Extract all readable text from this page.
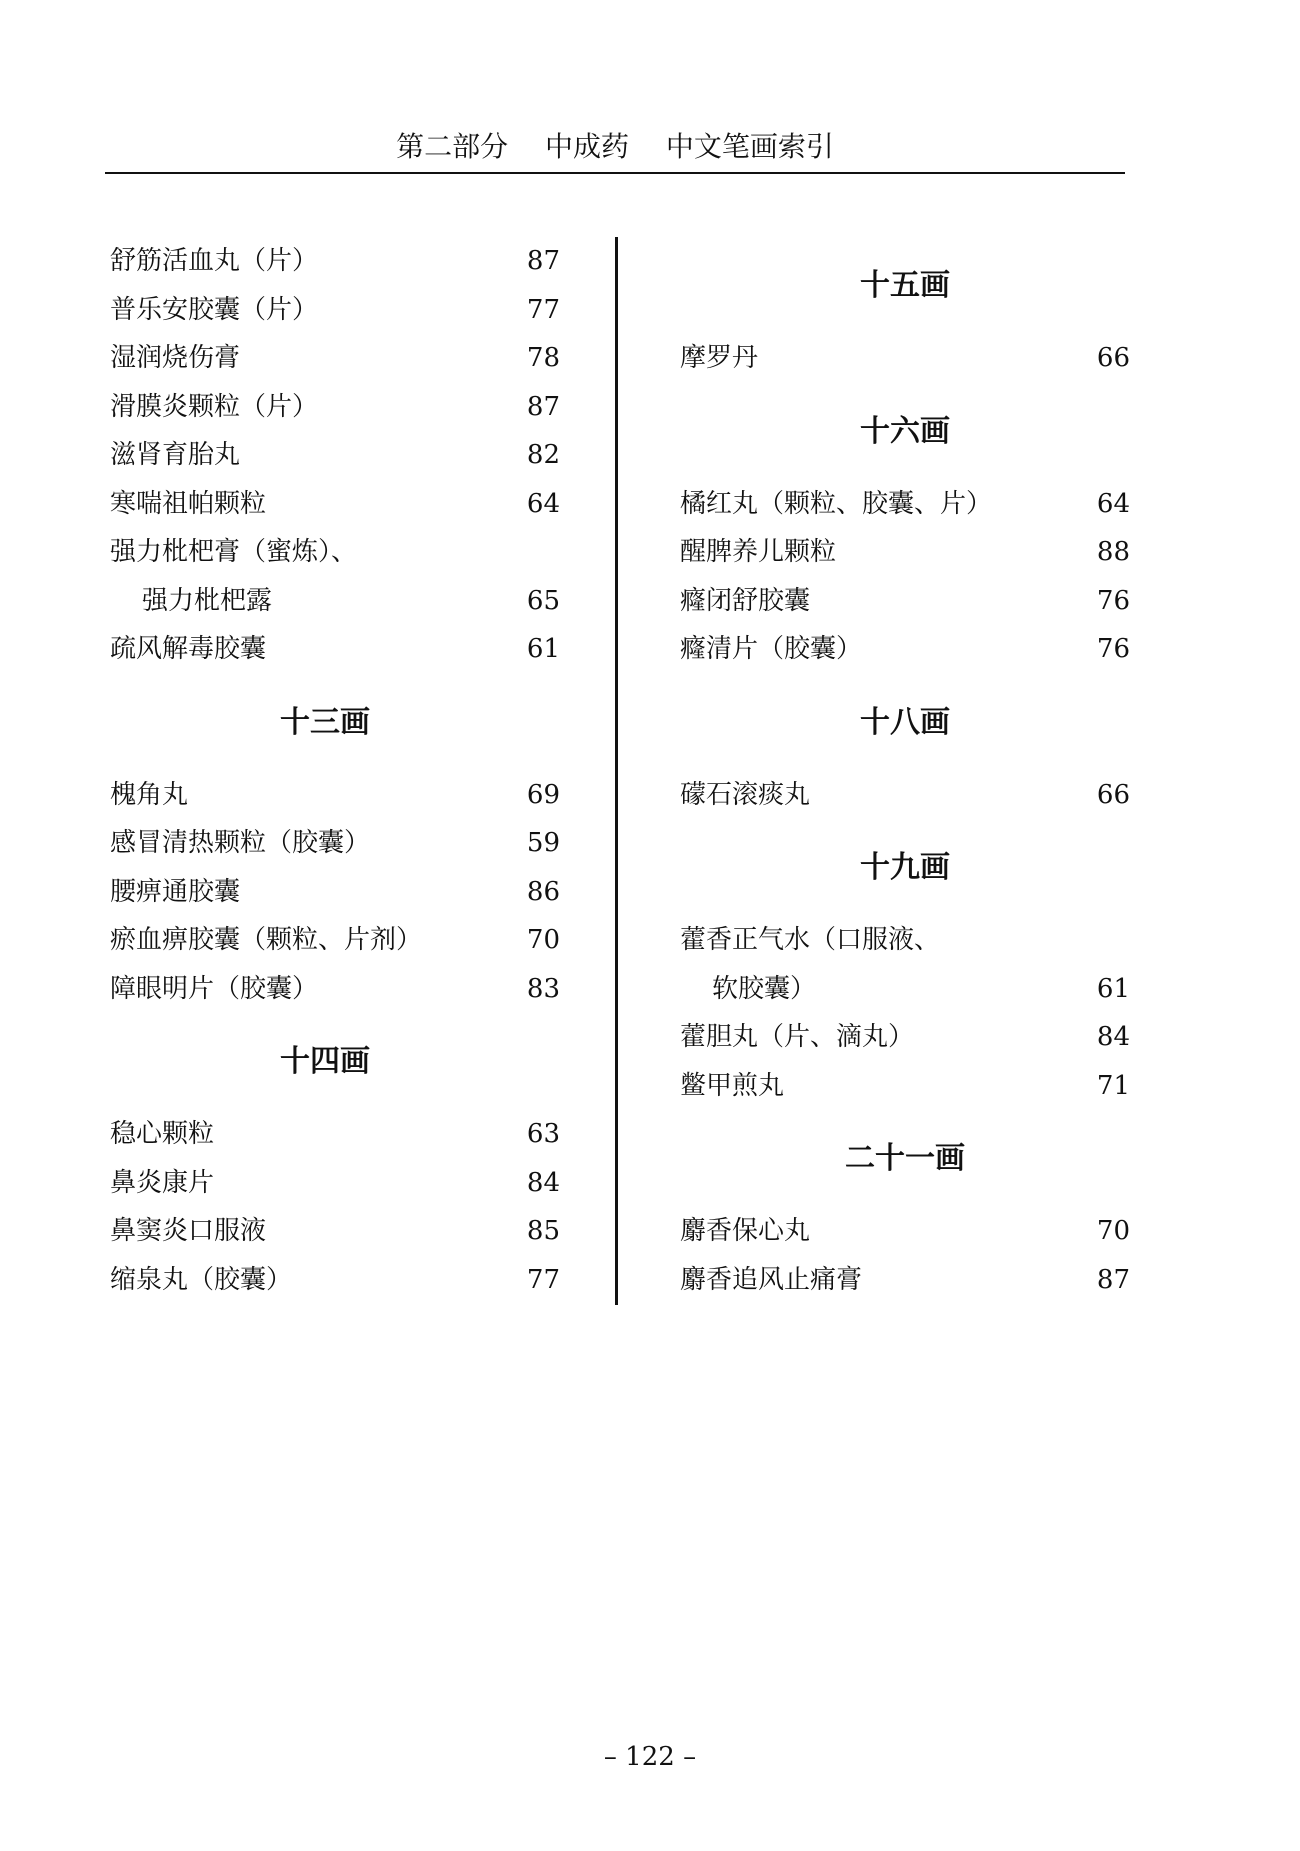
第二部分 中成药 中文笔画索引
舒筋活血丸（片）	87
普乐安胶囊（片）	77
湿润烧伤膏	78
滑膜炎颗粒（片）	87
滋肾育胎丸	82
寒喘祖帕颗粒	64
强力枇杷膏（蜜炼）、
强力枇杷露	65
疏风解毒胶囊	61
十三画
槐角丸	69
感冒清热颗粒（胶囊）	59
腰痹通胶囊	86
瘀血痹胶囊（颗粒、片剂）	70
障眼明片（胶囊）	83
十四画
稳心颗粒	63
鼻炎康片	84
鼻窦炎口服液	85
缩泉丸（胶囊）	77
十五画
摩罗丹	66
十六画
橘红丸（颗粒、胶囊、片）	64
醒脾养儿颗粒	88
癃闭舒胶囊	76
癃清片（胶囊）	76
十八画
礞石滚痰丸	66
十九画
藿香正气水（口服液、
软胶囊）	61
藿胆丸（片、滴丸）	84
鳖甲煎丸	71
二十一画
麝香保心丸	70
麝香追风止痛膏	87
– 122 –
